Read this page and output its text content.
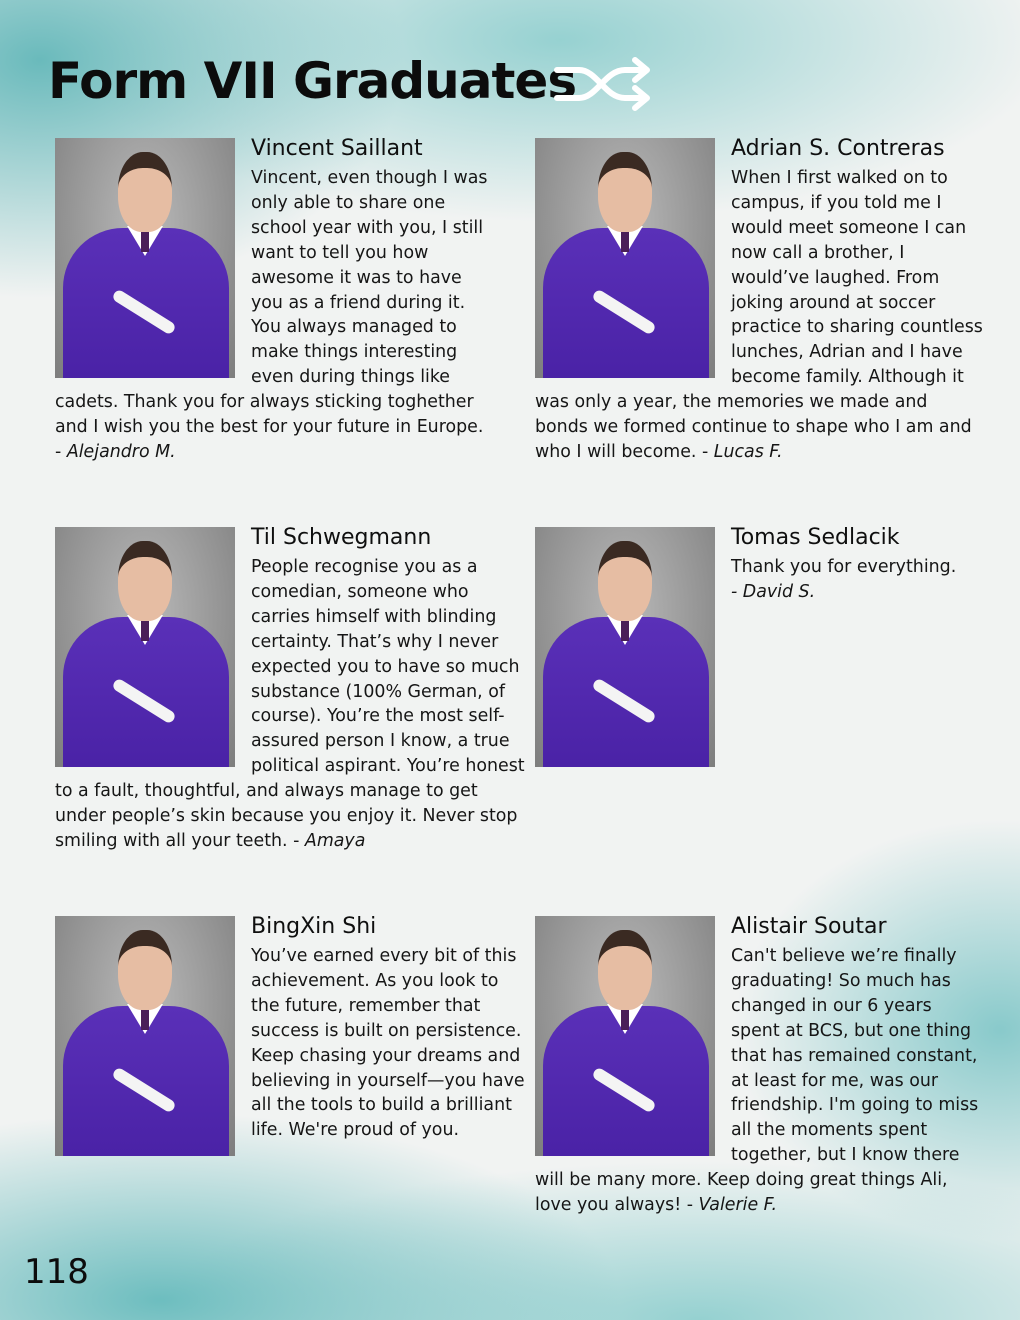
Form VII Graduates
Vincent Saillant

Vincent, even though I was only able to share one school year with you, I still want to tell you how awesome it was to have you as a friend during it. You always managed to make things interesting even during things like cadets. Thank you for always sticking toghether and I wish you the best for your future in Europe. - Alejandro M.

Adrian S. Contreras

When I first walked on to campus, if you told me I would meet someone I can now call a brother, I would’ve laughed. From joking around at soccer practice to sharing countless lunches, Adrian and I have become family. Although it was only a year, the memories we made and bonds we formed continue to shape who I am and who I will become. - Lucas F.

Til Schwegmann

People recognise you as a comedian, someone who carries himself with blinding certainty. That’s why I never expected you to have so much substance (100% German, of course). You’re the most self-assured person I know, a true political aspirant. You’re honest to a fault, thoughtful, and always manage to get under people’s skin because you enjoy it. Never stop smiling with all your teeth. - Amaya

Tomas Sedlacik

Thank you for everything.
- David S.

BingXin Shi

You’ve earned every bit of this achievement. As you look to the future, remember that success is built on persistence. Keep chasing your dreams and believing in yourself—you have all the tools to build a brilliant life. We're proud of you.

Alistair Soutar

Can't believe we’re finally graduating! So much has changed in our 6 years spent at BCS, but one thing that has remained constant, at least for me, was our friendship. I'm going to miss all the moments spent together, but I know there will be many more. Keep doing great things Ali, love you always! - Valerie F.

118
